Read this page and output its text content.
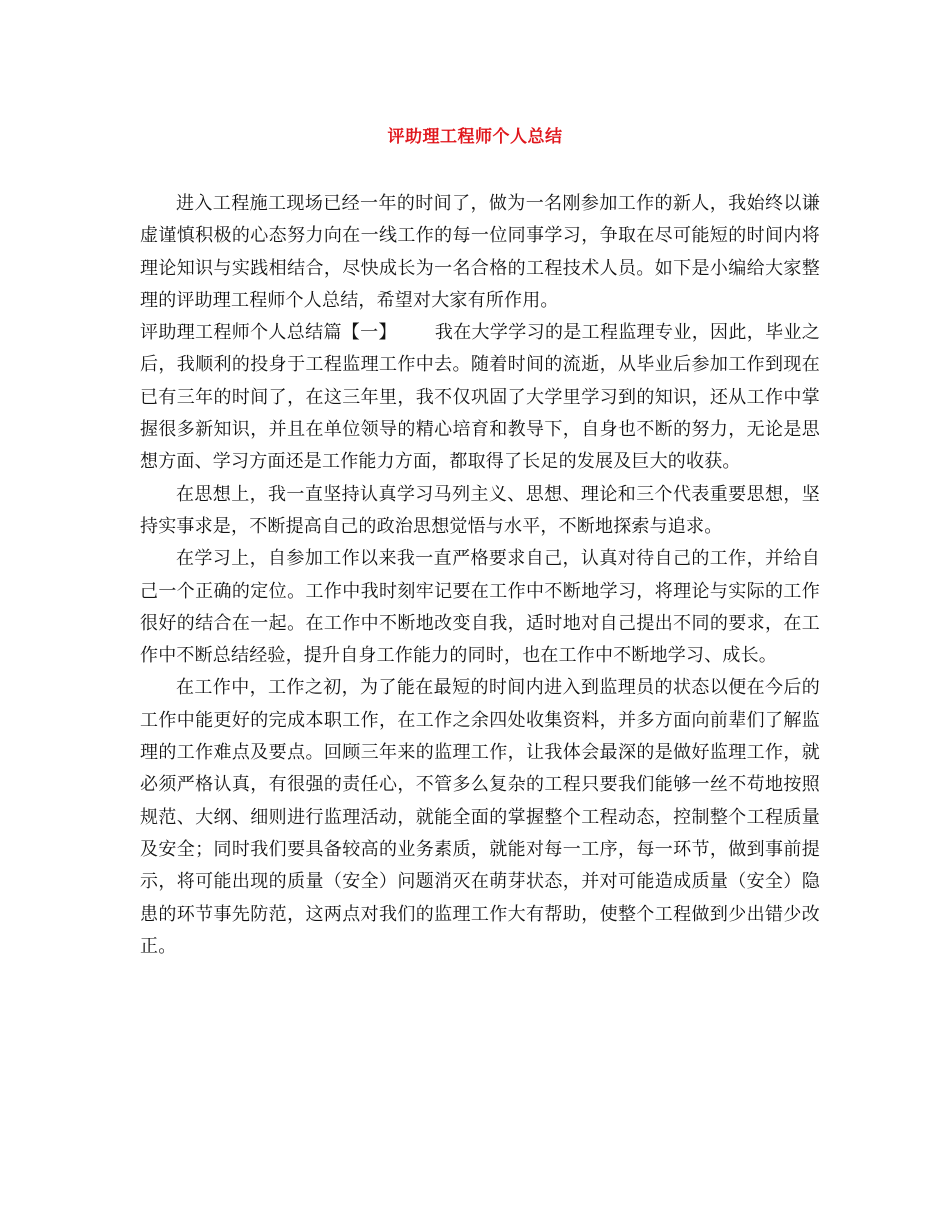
评助理工程师个人总结

进入工程施工现场已经一年的时间了，做为一名刚参加工作的新人，我始终以谦虚谨慎积极的心态努力向在一线工作的每一位同事学习，争取在尽可能短的时间内将理论知识与实践相结合，尽快成长为一名合格的工程技术人员。如下是小编给大家整理的评助理工程师个人总结，希望对大家有所作用。

评助理工程师个人总结篇【一】 我在大学学习的是工程监理专业，因此，毕业之后，我顺利的投身于工程监理工作中去。随着时间的流逝，从毕业后参加工作到现在已有三年的时间了，在这三年里，我不仅巩固了大学里学习到的知识，还从工作中掌握很多新知识，并且在单位领导的精心培育和教导下，自身也不断的努力，无论是思想方面、学习方面还是工作能力方面，都取得了长足的发展及巨大的收获。

在思想上，我一直坚持认真学习马列主义、思想、理论和三个代表重要思想，坚持实事求是，不断提高自己的政治思想觉悟与水平，不断地探索与追求。

在学习上，自参加工作以来我一直严格要求自己，认真对待自己的工作，并给自己一个正确的定位。工作中我时刻牢记要在工作中不断地学习，将理论与实际的工作很好的结合在一起。在工作中不断地改变自我，适时地对自己提出不同的要求，在工作中不断总结经验，提升自身工作能力的同时，也在工作中不断地学习、成长。

在工作中，工作之初，为了能在最短的时间内进入到监理员的状态以便在今后的工作中能更好的完成本职工作，在工作之余四处收集资料，并多方面向前辈们了解监理的工作难点及要点。回顾三年来的监理工作，让我体会最深的是做好监理工作，就必须严格认真，有很强的责任心，不管多么复杂的工程只要我们能够一丝不苟地按照规范、大纲、细则进行监理活动，就能全面的掌握整个工程动态，控制整个工程质量及安全；同时我们要具备较高的业务素质，就能对每一工序，每一环节，做到事前提示，将可能出现的质量（安全）问题消灭在萌芽状态，并对可能造成质量（安全）隐患的环节事先防范，这两点对我们的监理工作大有帮助，使整个工程做到少出错少改正。
